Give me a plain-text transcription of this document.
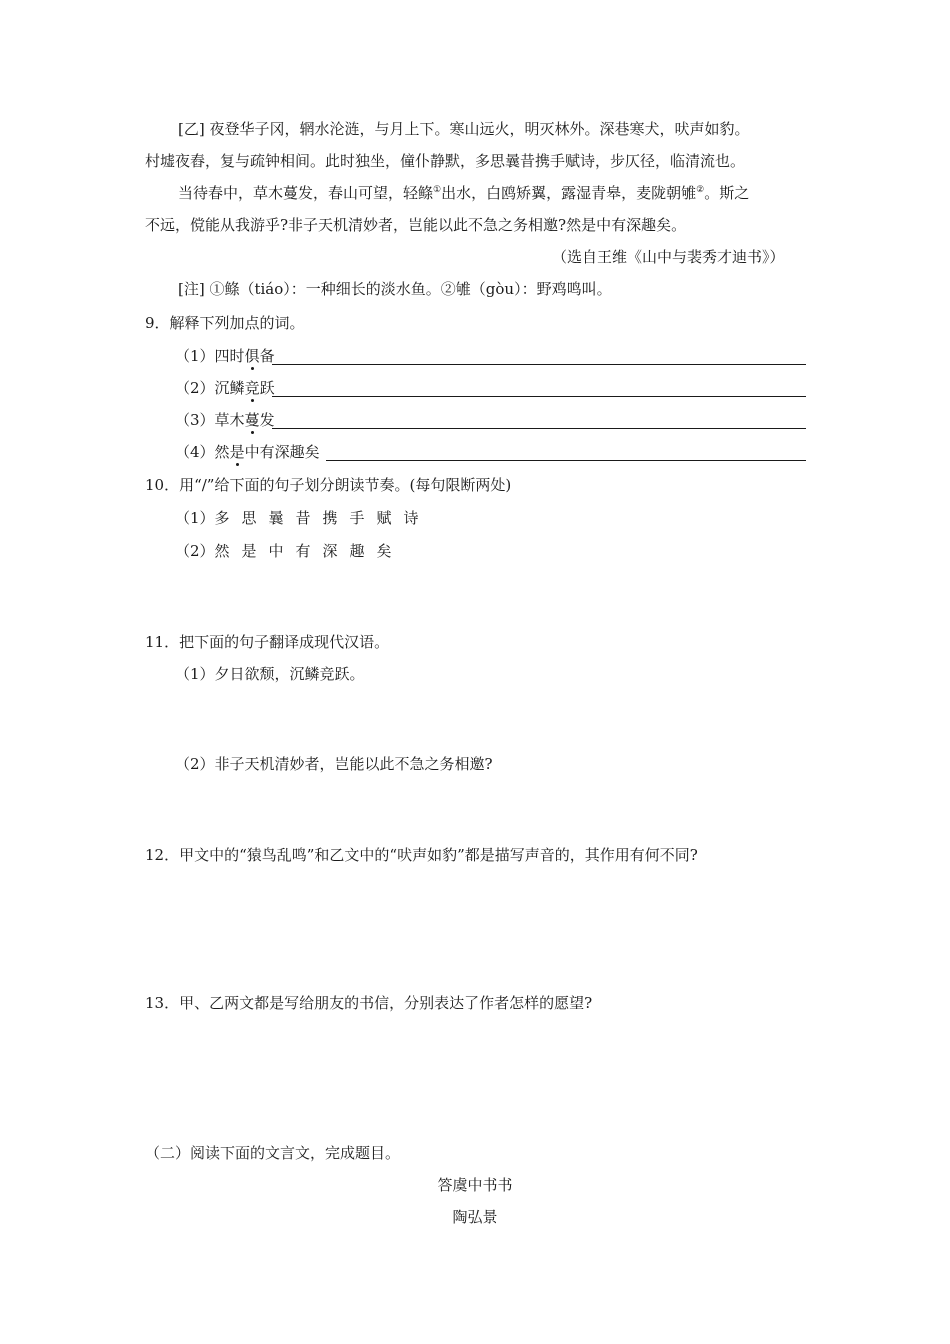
[乙] 夜登华子冈，辋水沦涟，与月上下。寒山远火，明灭林外。深巷寒犬，吠声如豹。
村墟夜舂，复与疏钟相间。此时独坐，僮仆静默，多思曩昔携手赋诗，步仄径，临清流也。
当待春中，草木蔓发，春山可望，轻鲦①出水，白鸥矫翼，露湿青皋，麦陇朝雊②。斯之
不远，傥能从我游乎?非子天机清妙者，岂能以此不急之务相邀?然是中有深趣矣。
（选自王维《山中与裴秀才迪书》）
[注] ①鲦（tiáo）：一种细长的淡水鱼。②雊（gòu）：野鸡鸣叫。
9．解释下列加点的词。
（1）四时俱备
（2）沉鳞竞跃
（3）草木蔓发
（4）然是中有深趣矣
10．用“/”给下面的句子划分朗读节奏。(每句限断两处)
（1）多思曩昔携手赋诗
（2）然是中有深趣矣
11．把下面的句子翻译成现代汉语。
（1）夕日欲颓，沉鳞竞跃。
（2）非子天机清妙者，岂能以此不急之务相邀?
12．甲文中的“猿鸟乱鸣”和乙文中的“吠声如豹”都是描写声音的，其作用有何不同?
13．甲、乙两文都是写给朋友的书信，分别表达了作者怎样的愿望?
（二）阅读下面的文言文，完成题目。
答虞中书书
陶弘景
